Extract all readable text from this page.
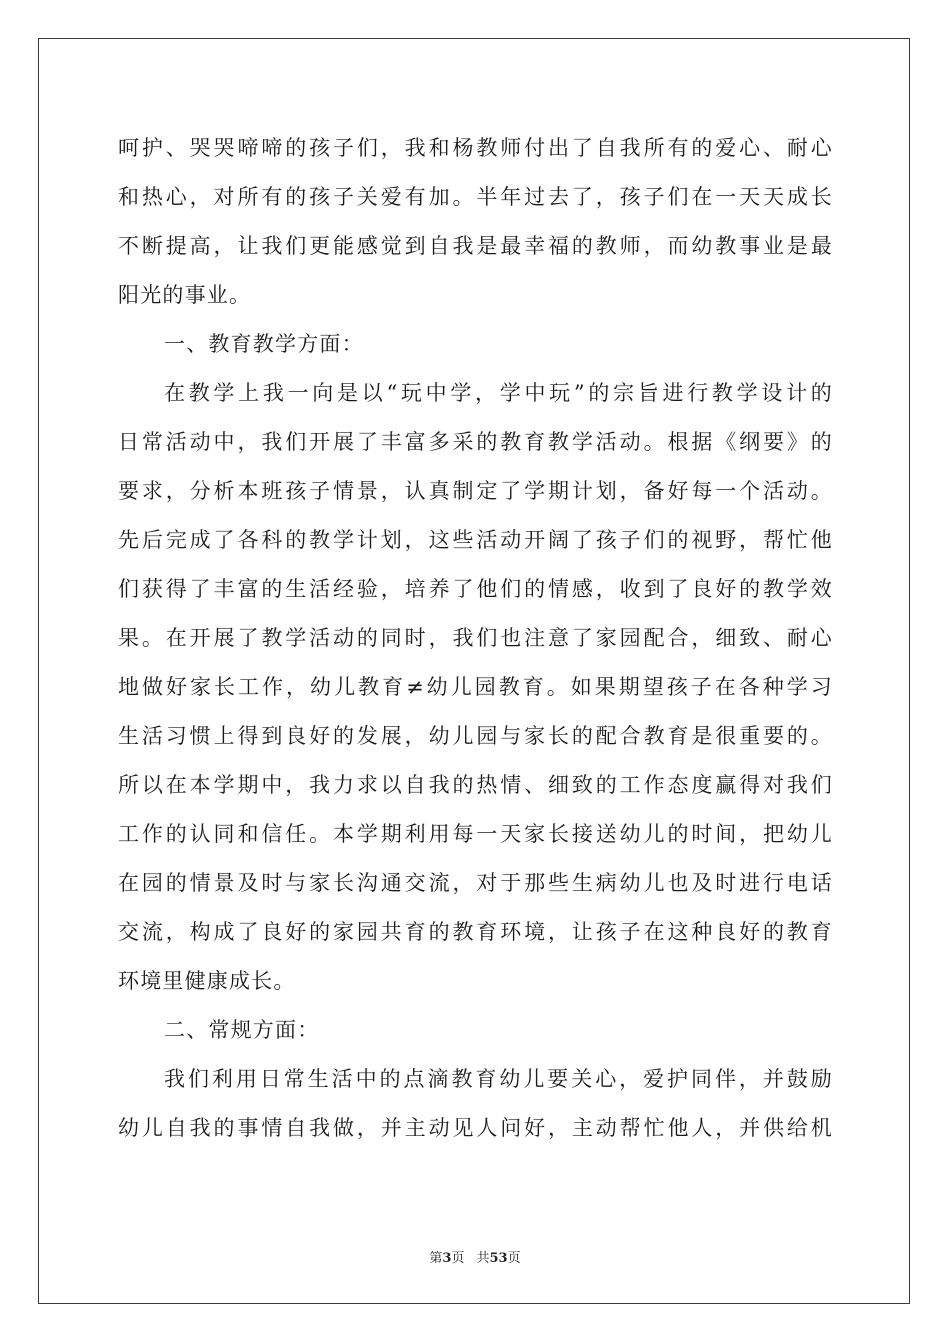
呵护、哭哭啼啼的孩子们，我和杨教师付出了自我所有的爱心、耐心
和热心，对所有的孩子关爱有加。半年过去了，孩子们在一天天成长
不断提高，让我们更能感觉到自我是最幸福的教师，而幼教事业是最
阳光的事业。
一、教育教学方面：
在教学上我一向是以“玩中学，学中玩”的宗旨进行教学设计的
日常活动中，我们开展了丰富多采的教育教学活动。根据《纲要》的
要求，分析本班孩子情景，认真制定了学期计划，备好每一个活动。
先后完成了各科的教学计划，这些活动开阔了孩子们的视野，帮忙他
们获得了丰富的生活经验，培养了他们的情感，收到了良好的教学效
果。在开展了教学活动的同时，我们也注意了家园配合，细致、耐心
地做好家长工作，幼儿教育≠幼儿园教育。如果期望孩子在各种学习
生活习惯上得到良好的发展，幼儿园与家长的配合教育是很重要的。
所以在本学期中，我力求以自我的热情、细致的工作态度赢得对我们
工作的认同和信任。本学期利用每一天家长接送幼儿的时间，把幼儿
在园的情景及时与家长沟通交流，对于那些生病幼儿也及时进行电话
交流，构成了良好的家园共育的教育环境，让孩子在这种良好的教育
环境里健康成长。
二、常规方面：
我们利用日常生活中的点滴教育幼儿要关心，爱护同伴，并鼓励
幼儿自我的事情自我做，并主动见人问好，主动帮忙他人，并供给机
第3页 共53页
